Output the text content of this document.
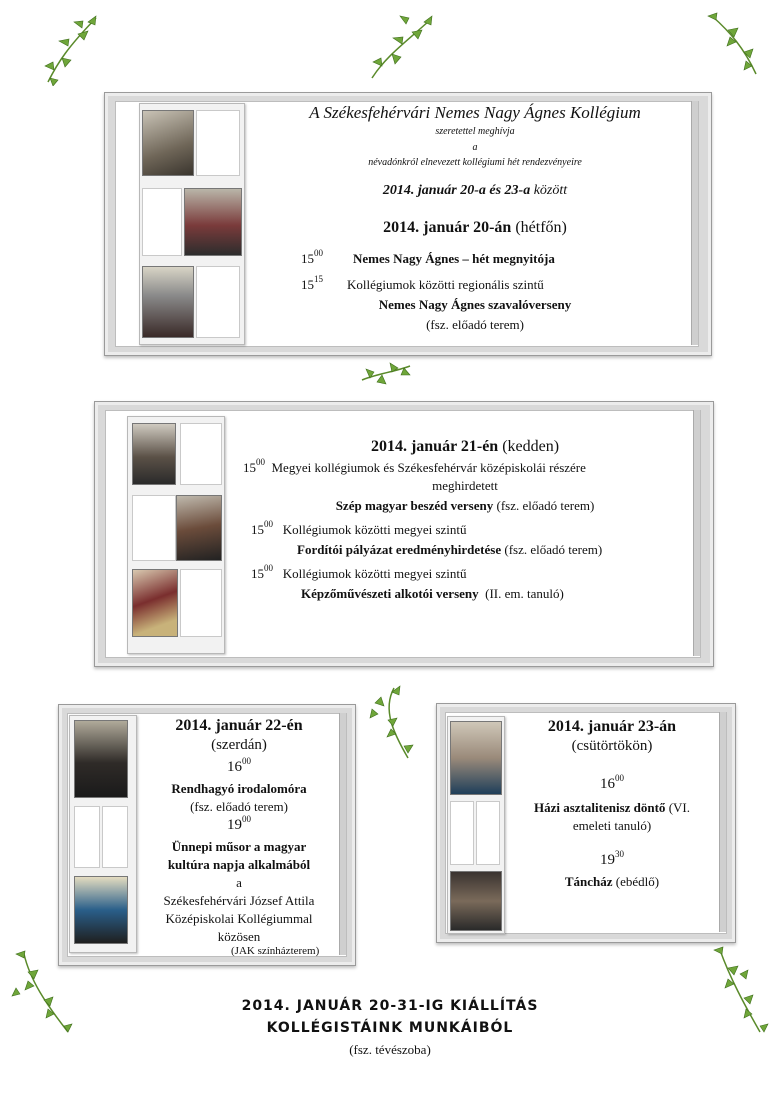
A Székesfehérvári Nemes Nagy Ágnes Kollégium
szeretettel meghívja
a
névadónkról elnevezett kollégiumi hét rendezvényeire
2014. január 20-a és 23-a között
2014. január 20-án (hétfőn)
$15^{00}$ Nemes Nagy Ágnes – hét megnyitója
$15^{15}$ Kollégiumok közötti regionális szintű
Nemes Nagy Ágnes szavalóverseny
(fsz. előadó terem)
2014. január 21-én (kedden)
$15^{00}$ Megyei kollégiumok és Székesfehérvár középiskolái részére
meghirdetett
Szép magyar beszéd verseny (fsz. előadó terem)
$15^{00}$ Kollégiumok közötti megyei szintű
Fordítói pályázat eredményhirdetése (fsz. előadó terem)
$15^{00}$ Kollégiumok közötti megyei szintű
Képzőművészeti alkotói verseny (II. em. tanuló)
2014. január 22-én
(szerdán)
$16^{00}$
Rendhagyó irodalomóra
(fsz. előadó terem)
$19^{00}$
Ünnepi műsor a magyar
kultúra napja alkalmából
a
Székesfehérvári József Attila
Középiskolai Kollégiummal
közösen
(JAK színházterem)
2014. január 23-án
(csütörtökön)
$16^{00}$
Házi asztalitenisz döntő (VI.
emeleti tanuló)
$19^{30}$
Táncház (ebédlő)
2014. JANUÁR 20-31-IG KIÁLLÍTÁS
KOLLÉGISTÁINK MUNKÁIBÓL
(fsz. tévészoba)
